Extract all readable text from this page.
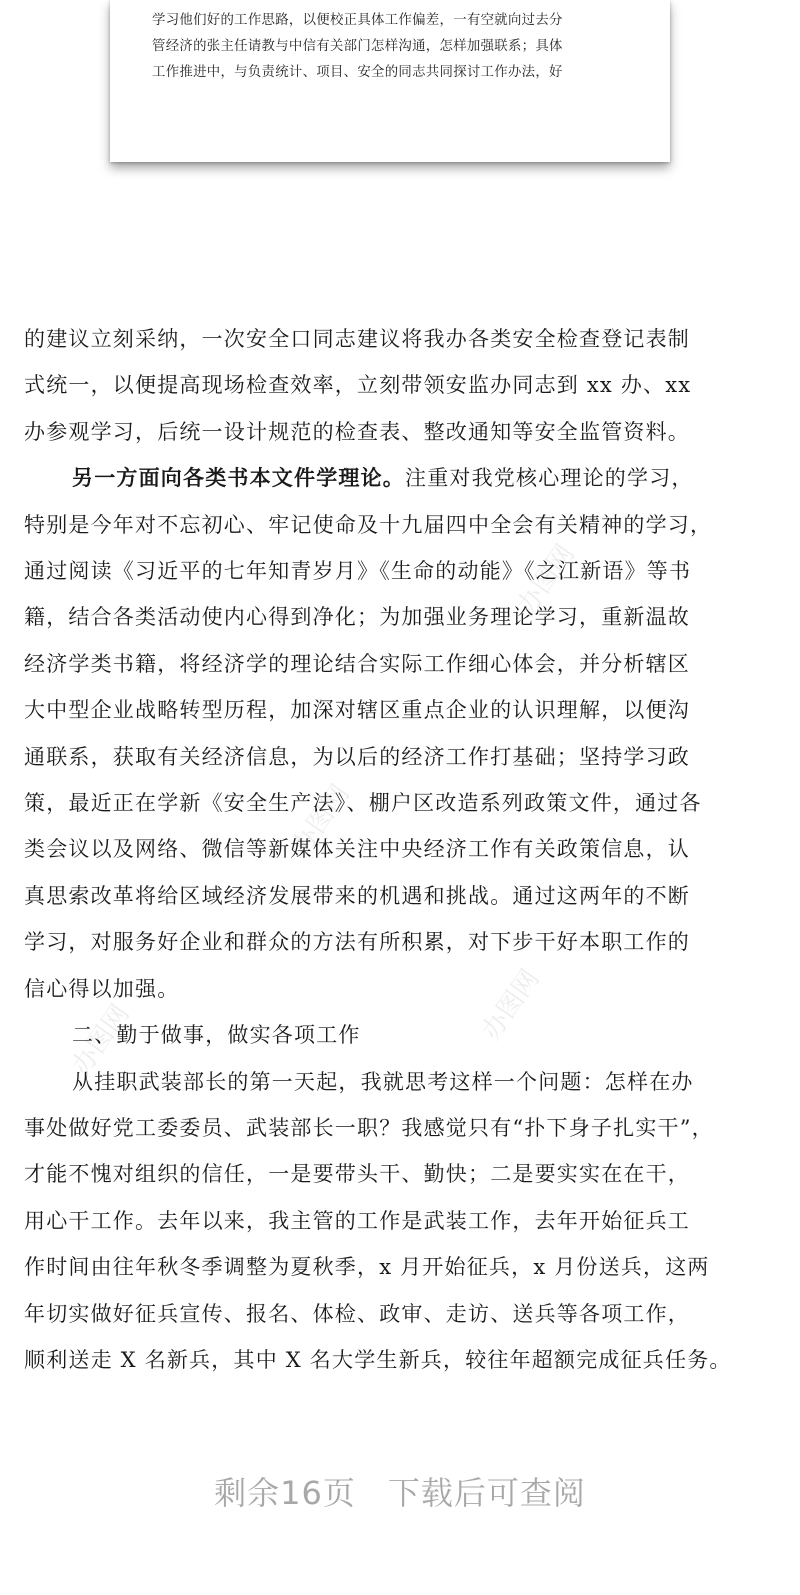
学习他们好的工作思路，以便校正具体工作偏差，一有空就向过去分

管经济的张主任请教与中信有关部门怎样沟通，怎样加强联系；具体

工作推进中，与负责统计、项目、安全的同志共同探讨工作办法，好

的建议立刻采纳，一次安全口同志建议将我办各类安全检查登记表制

式统一，以便提高现场检查效率，立刻带领安监办同志到 xx 办、xx

办参观学习，后统一设计规范的检查表、整改通知等安全监管资料。

另一方面向各类书本文件学理论。注重对我党核心理论的学习，

特别是今年对不忘初心、牢记使命及十九届四中全会有关精神的学习，

通过阅读《习近平的七年知青岁月》《生命的动能》《之江新语》等书

籍，结合各类活动使内心得到净化；为加强业务理论学习，重新温故

经济学类书籍，将经济学的理论结合实际工作细心体会，并分析辖区

大中型企业战略转型历程，加深对辖区重点企业的认识理解，以便沟

通联系，获取有关经济信息，为以后的经济工作打基础；坚持学习政

策，最近正在学新《安全生产法》、棚户区改造系列政策文件，通过各

类会议以及网络、微信等新媒体关注中央经济工作有关政策信息，认

真思索改革将给区域经济发展带来的机遇和挑战。通过这两年的不断

学习，对服务好企业和群众的方法有所积累，对下步干好本职工作的

信心得以加强。

二、勤于做事，做实各项工作

从挂职武装部长的第一天起，我就思考这样一个问题：怎样在办

事处做好党工委委员、武装部长一职？我感觉只有“扑下身子扎实干”，

才能不愧对组织的信任，一是要带头干、勤快；二是要实实在在干，

用心干工作。去年以来，我主管的工作是武装工作，去年开始征兵工

作时间由往年秋冬季调整为夏秋季，x 月开始征兵，x 月份送兵，这两

年切实做好征兵宣传、报名、体检、政审、走访、送兵等各项工作，

顺利送走 X 名新兵，其中 X 名大学生新兵，较往年超额完成征兵任务。

办图网
办图网
办图网
办图网
剩余16页 下载后可查阅
